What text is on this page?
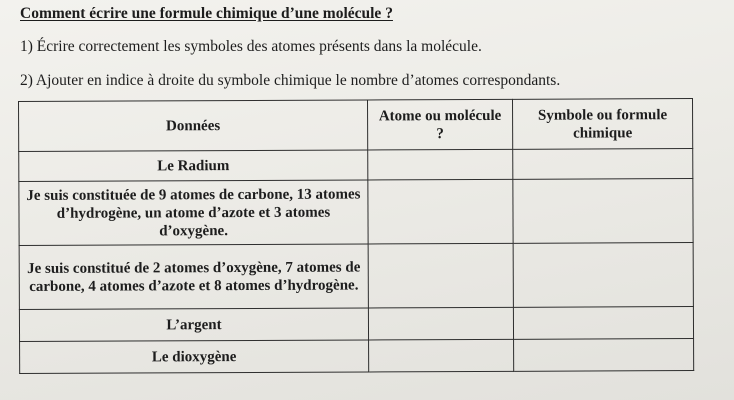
Comment écrire une formule chimique d’une molécule ?
1) Écrire correctement les symboles des atomes présents dans la molécule.
2) Ajouter en indice à droite du symbole chimique le nombre d’atomes correspondants.
Données	Atome ou molécule ?	Symbole ou formule chimique
Le Radium		
Je suis constituée de 9 atomes de carbone, 13 atomes d’hydrogène, un atome d’azote et 3 atomes d’oxygène.		
Je suis constitué de 2 atomes d’oxygène, 7 atomes de carbone, 4 atomes d’azote et 8 atomes d’hydrogène.		
L’argent		
Le dioxygène		
